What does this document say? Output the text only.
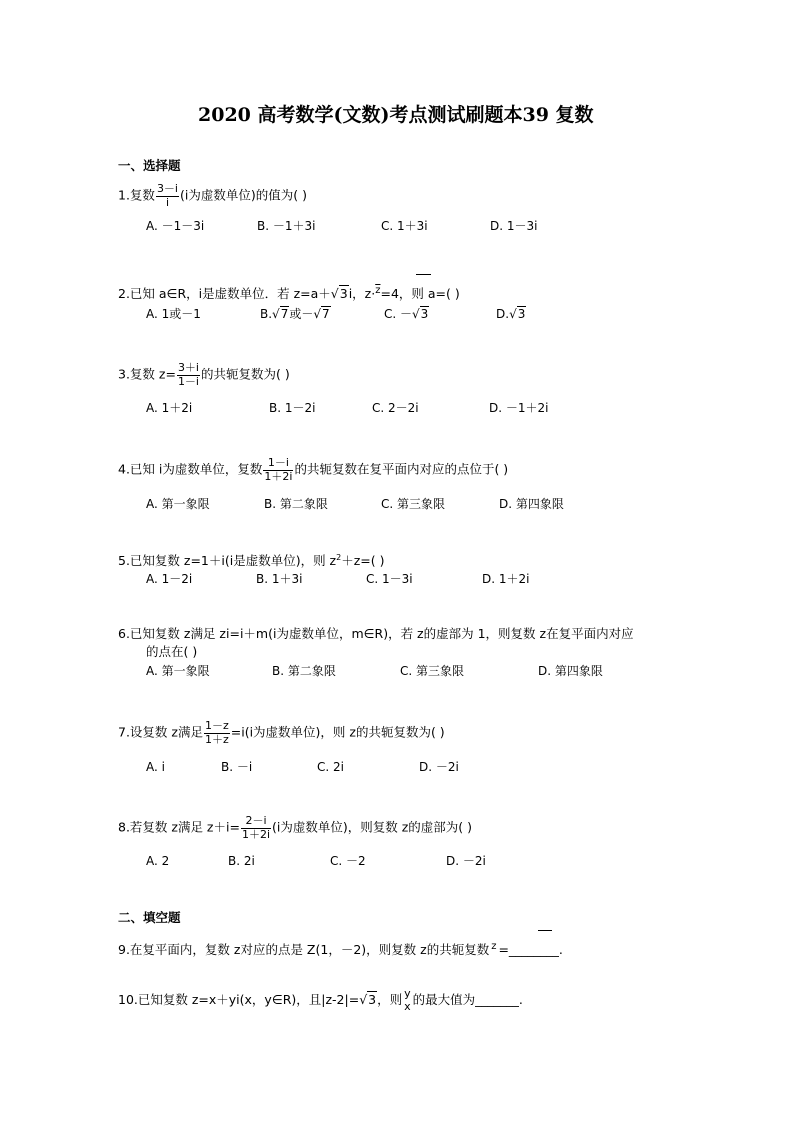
2020 高考数学(文数)考点测试刷题本39 复数
一、选择题
1.复数 $\frac{3-i}{i} (i$为虚数单位)的值为( )
A. －1－3i	B. －1＋3i	C. 1＋3i	D. 1－3i
2.已知 a∈R，i是虚数单位．若 z=a＋√3i，z·$^{\overline{z}}$=4，则 a=( )
A. 1或－1	B.√7或－√7	C. －√3	D.√3
3.复数 $z= \frac{3+i}{1-i}$ 的共轭复数为( )
A. 1＋2i	B. 1－2i	C. 2－2i	D. －1＋2i
4.已知 i为虚数单位，复数 $\frac{1-i}{1+2i}$ 的共轭复数在复平面内对应的点位于( )
A. 第一象限	B. 第二象限	C. 第三象限	D. 第四象限
5.已知复数 z=1＋i(i是虚数单位)，则 $z^2+z=$( )
A. 1－2i	B. 1＋3i	C. 1－3i	D. 1＋2i
6.已知复数 z满足 zi=i＋m(i为虚数单位，m∈R)，若 z的虚部为 1，则复数 z在复平面内对应
的点在( )
A. 第一象限	B. 第二象限	C. 第三象限	D. 第四象限
7.设复数 z满足 $\frac{1-z}{1+z} =i(i$为虚数单位)，则 z的共轭复数为( )
A. i	B. －i	C. 2i	D. －2i
8.若复数 z满足 $z+i= \frac{2-i}{1+2i} (i$为虚数单位)，则复数 z的虚部为( )
A. 2	B. 2i	C. －2	D. －2i
二、填空题
9.在复平面内，复数 z对应的点是 Z(1，－2)，则复数 z的共轭复数 $^z$ =________.
10.已知复数 z=x＋yi(x，y∈R)，且|z-2|=√3，则 y
x 的最大值为_______.
